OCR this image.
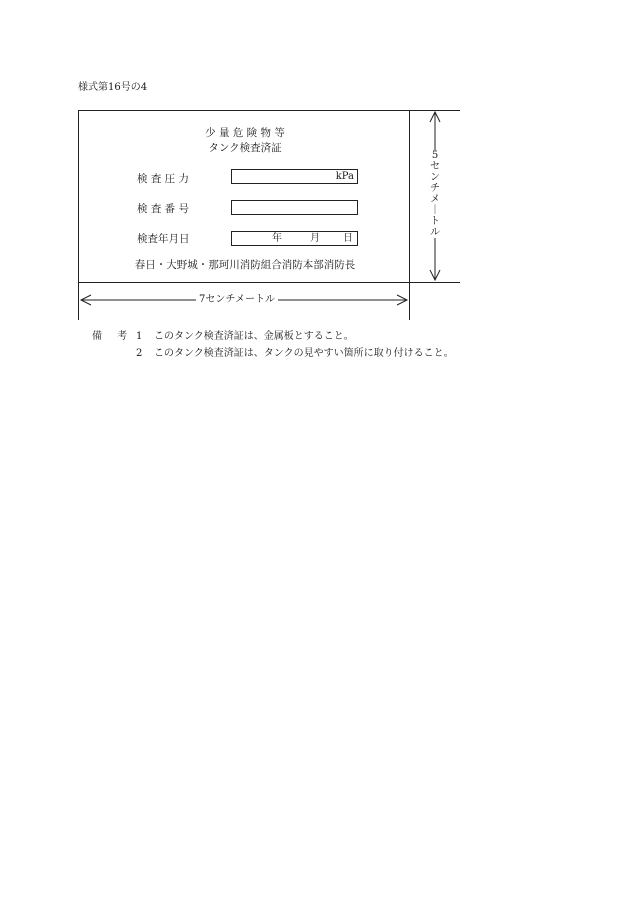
様式第16号の4
5
セ
ン
チ
メ
｜
ト
ル
7センチメートル
少 量 危 険 物 等
タンク検査済証
検 査 圧 力	kPa
検 査 番 号
検査年月日	年	月 日
春日・大野城・那珂川消防組合消防本部消防長
備 考 1 このタンク検査済証は、金属板とすること。
2 このタンク検査済証は、タンクの見やすい箇所に取り付けること。
